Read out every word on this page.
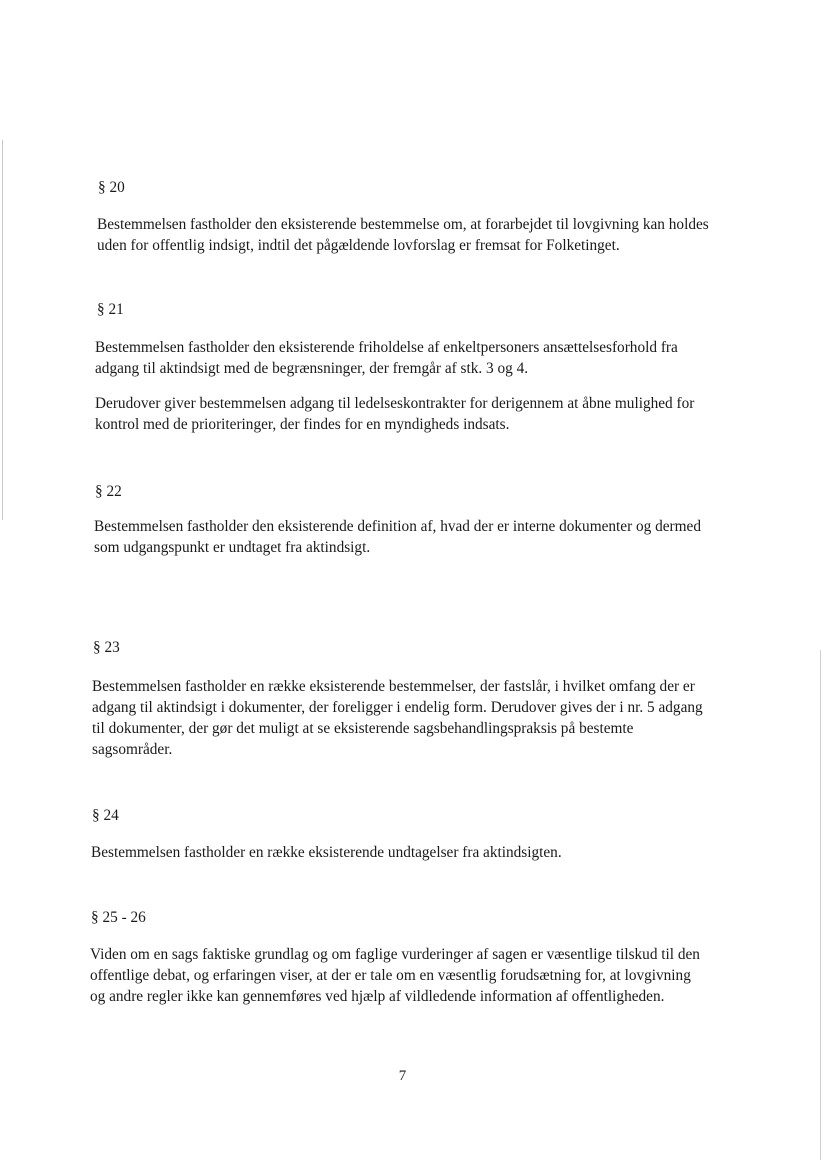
§ 20
Bestemmelsen fastholder den eksisterende bestemmelse om, at forarbejdet til lovgivning kan holdes
uden for offentlig indsigt, indtil det pågældende lovforslag er fremsat for Folketinget.
§ 21
Bestemmelsen fastholder den eksisterende friholdelse af enkeltpersoners ansættelsesforhold fra
adgang til aktindsigt med de begrænsninger, der fremgår af stk. 3 og 4.
Derudover giver bestemmelsen adgang til ledelseskontrakter for derigennem at åbne mulighed for
kontrol med de prioriteringer, der findes for en myndigheds indsats.
§ 22
Bestemmelsen fastholder den eksisterende definition af, hvad der er interne dokumenter og dermed
som udgangspunkt er undtaget fra aktindsigt.
§ 23
Bestemmelsen fastholder en række eksisterende bestemmelser, der fastslår, i hvilket omfang der er
adgang til aktindsigt i dokumenter, der foreligger i endelig form. Derudover gives der i nr. 5 adgang
til dokumenter, der gør det muligt at se eksisterende sagsbehandlingspraksis på bestemte
sagsområder.
§ 24
Bestemmelsen fastholder en række eksisterende undtagelser fra aktindsigten.
§ 25 - 26
Viden om en sags faktiske grundlag og om faglige vurderinger af sagen er væsentlige tilskud til den
offentlige debat, og erfaringen viser, at der er tale om en væsentlig forudsætning for, at lovgivning
og andre regler ikke kan gennemføres ved hjælp af vildledende information af offentligheden.
7
